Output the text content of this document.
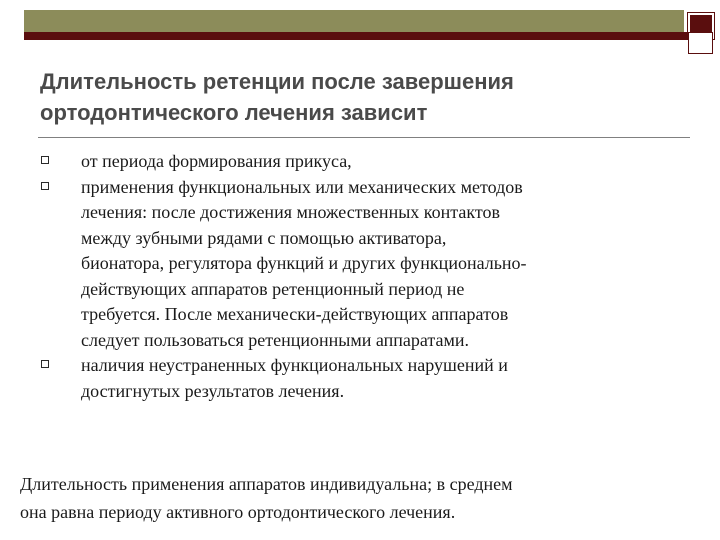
Длительность ретенции после завершения
ортодонтического лечения зависит
от периода формирования прикуса,
применения функциональных или механических методов
лечения: после достижения множественных контактов
между зубными рядами с помощью активатора,
бионатора, регулятора функций и других функционально-
действующих аппаратов ретенционный период не
требуется. После механически-действующих аппаратов
следует пользоваться ретенционными аппаратами.
наличия неустраненных функциональных нарушений и
достигнутых результатов лечения.
Длительность применения аппаратов индивидуальна; в среднем
она равна периоду активного ортодонтического лечения.
